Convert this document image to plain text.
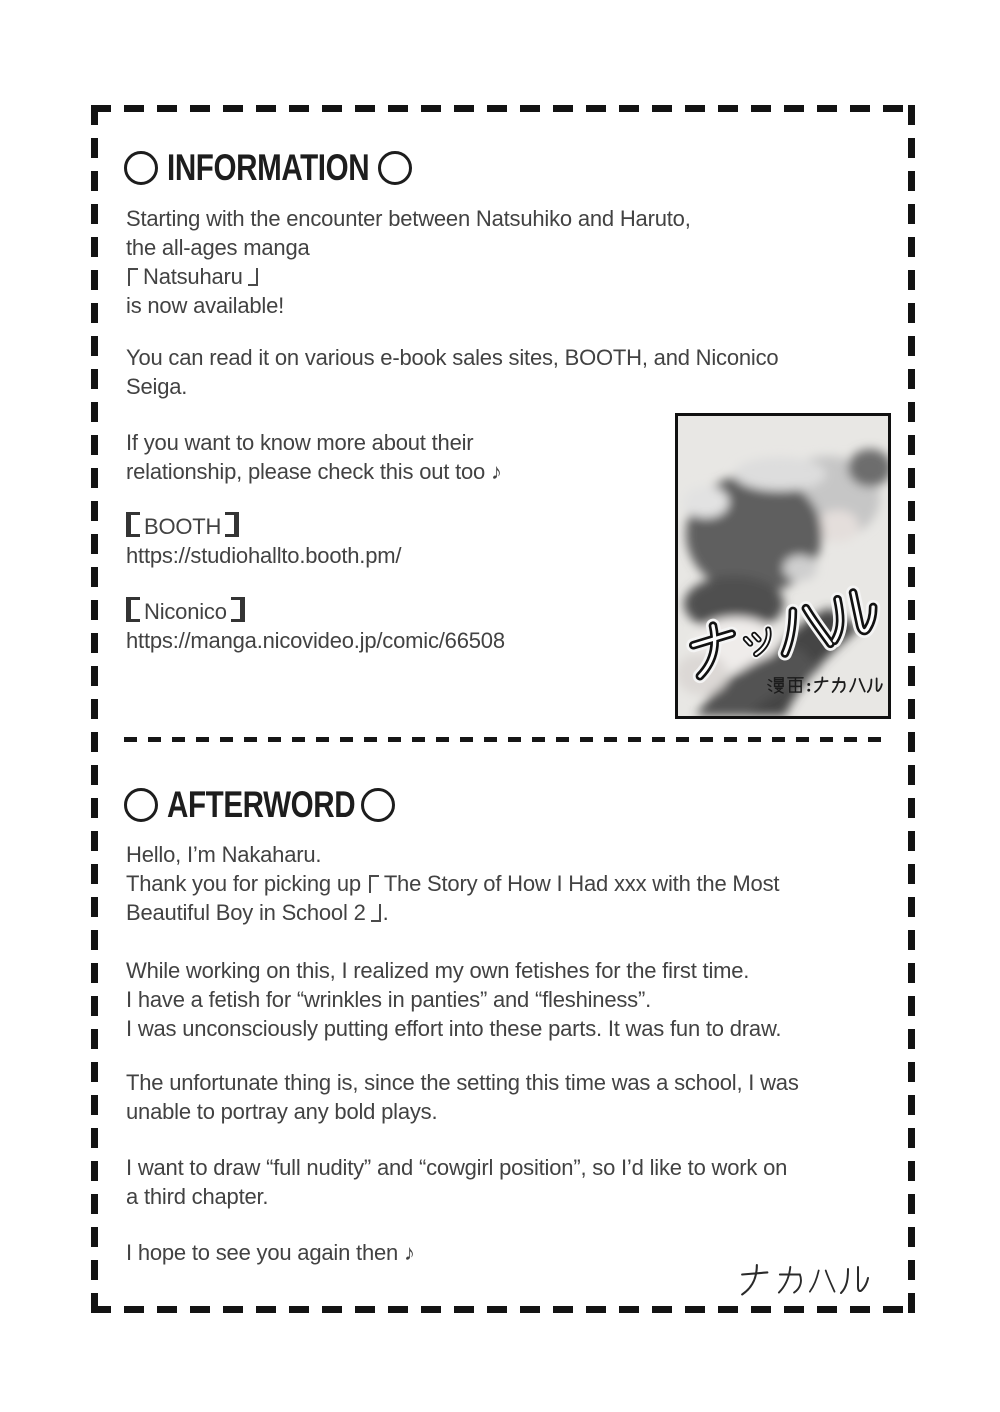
INFORMATION
Starting with the encounter between Natsuhiko and Haruto,
the all-ages manga
Natsuharu
is now available!
You can read it on various e-book sales sites, BOOTH, and Niconico
Seiga.
If you want to know more about their
relationship, please check this out too ♪
BOOTH
https://studiohallto.booth.pm/
Niconico
https://manga.nicovideo.jp/comic/66508
AFTERWORD
Hello, I’m Nakaharu.
Thank you for picking up The Story of How I Had xxx with the Most
Beautiful Boy in School 2 .
While working on this, I realized my own fetishes for the first time.
I have a fetish for “wrinkles in panties” and “fleshiness”.
I was unconsciously putting effort into these parts. It was fun to draw.
The unfortunate thing is, since the setting this time was a school, I was
unable to portray any bold plays.
I want to draw “full nudity” and “cowgirl position”, so I’d like to work on
a third chapter.
I hope to see you again then ♪
